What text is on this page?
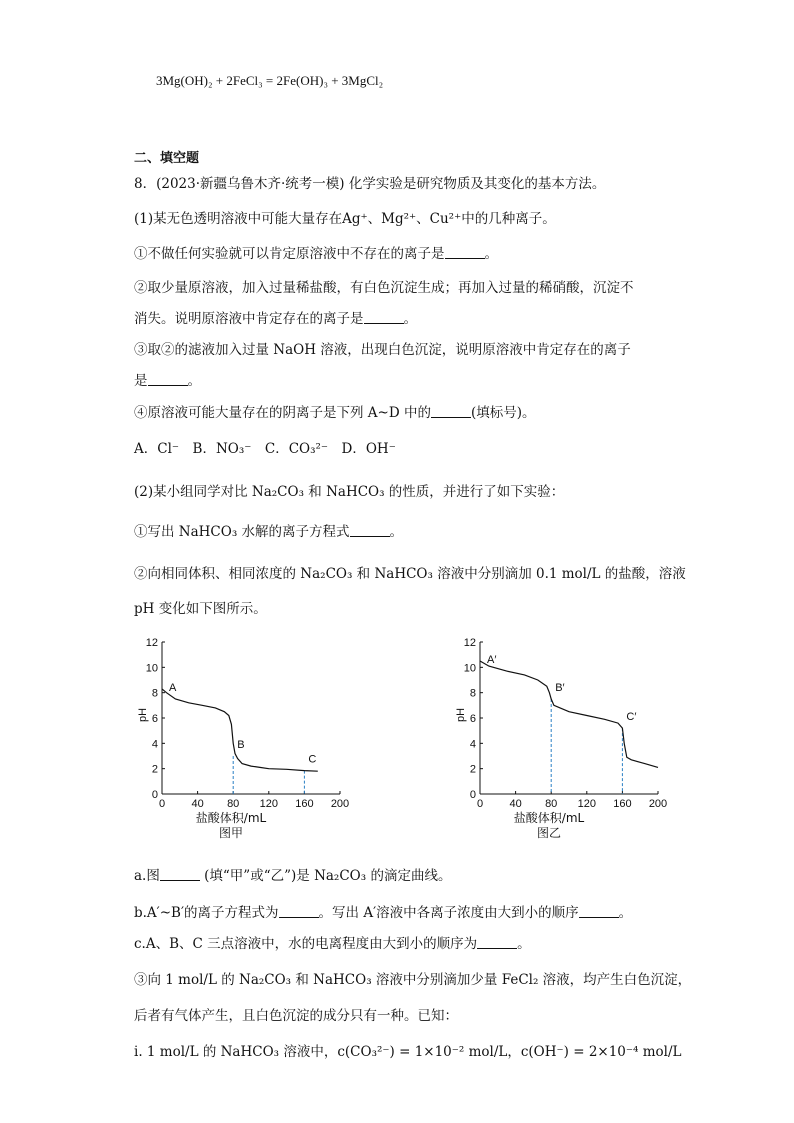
3Mg(OH)₂ + 2FeCl₃ = 2Fe(OH)₃ + 3MgCl₂
二、填空题
8．(2023·新疆乌鲁木齐·统考一模) 化学实验是研究物质及其变化的基本方法。
(1)某无色透明溶液中可能大量存在Ag⁺、Mg²⁺、Cu²⁺中的几种离子。
①不做任何实验就可以肯定原溶液中不存在的离子是	。
②取少量原溶液，加入过量稀盐酸，有白色沉淀生成；再加入过量的稀硝酸，沉淀不
消失。说明原溶液中肯定存在的离子是	。
③取②的滤液加入过量 NaOH 溶液，出现白色沉淀，说明原溶液中肯定存在的离子
是	。
④原溶液可能大量存在的阴离子是下列 A~D 中的	(填标号)。
A．Cl⁻　B．NO₃⁻　C．CO₃²⁻　D．OH⁻
(2)某小组同学对比 Na₂CO₃ 和 NaHCO₃ 的性质，并进行了如下实验：
①写出 NaHCO₃ 水解的离子方程式	。
②向相同体积、相同浓度的 Na₂CO₃ 和 NaHCO₃ 溶液中分别滴加 0.1 mol/L 的盐酸，溶液
pH 变化如下图所示。
0
2
4
6
8
10
12
0 40 80 120 160 200
A
B
C
pH
盐酸体积/mL
图甲
0
2
4
6
8
10
12
0 40 80 120 160 200
A′
B′
C′
pH
盐酸体积/mL
图乙
a.图	(填“甲”或“乙”)是 Na₂CO₃ 的滴定曲线。
b.A′~B′的离子方程式为	。写出 A′溶液中各离子浓度由大到小的顺序	。
c.A、B、C 三点溶液中，水的电离程度由大到小的顺序为	。
③向 1 mol/L 的 Na₂CO₃ 和 NaHCO₃ 溶液中分别滴加少量 FeCl₂ 溶液，均产生白色沉淀，
后者有气体产生，且白色沉淀的成分只有一种。已知：
i. 1 mol/L 的 NaHCO₃ 溶液中，c(CO₃²⁻) = 1×10⁻² mol/L，c(OH⁻) = 2×10⁻⁴ mol/L
